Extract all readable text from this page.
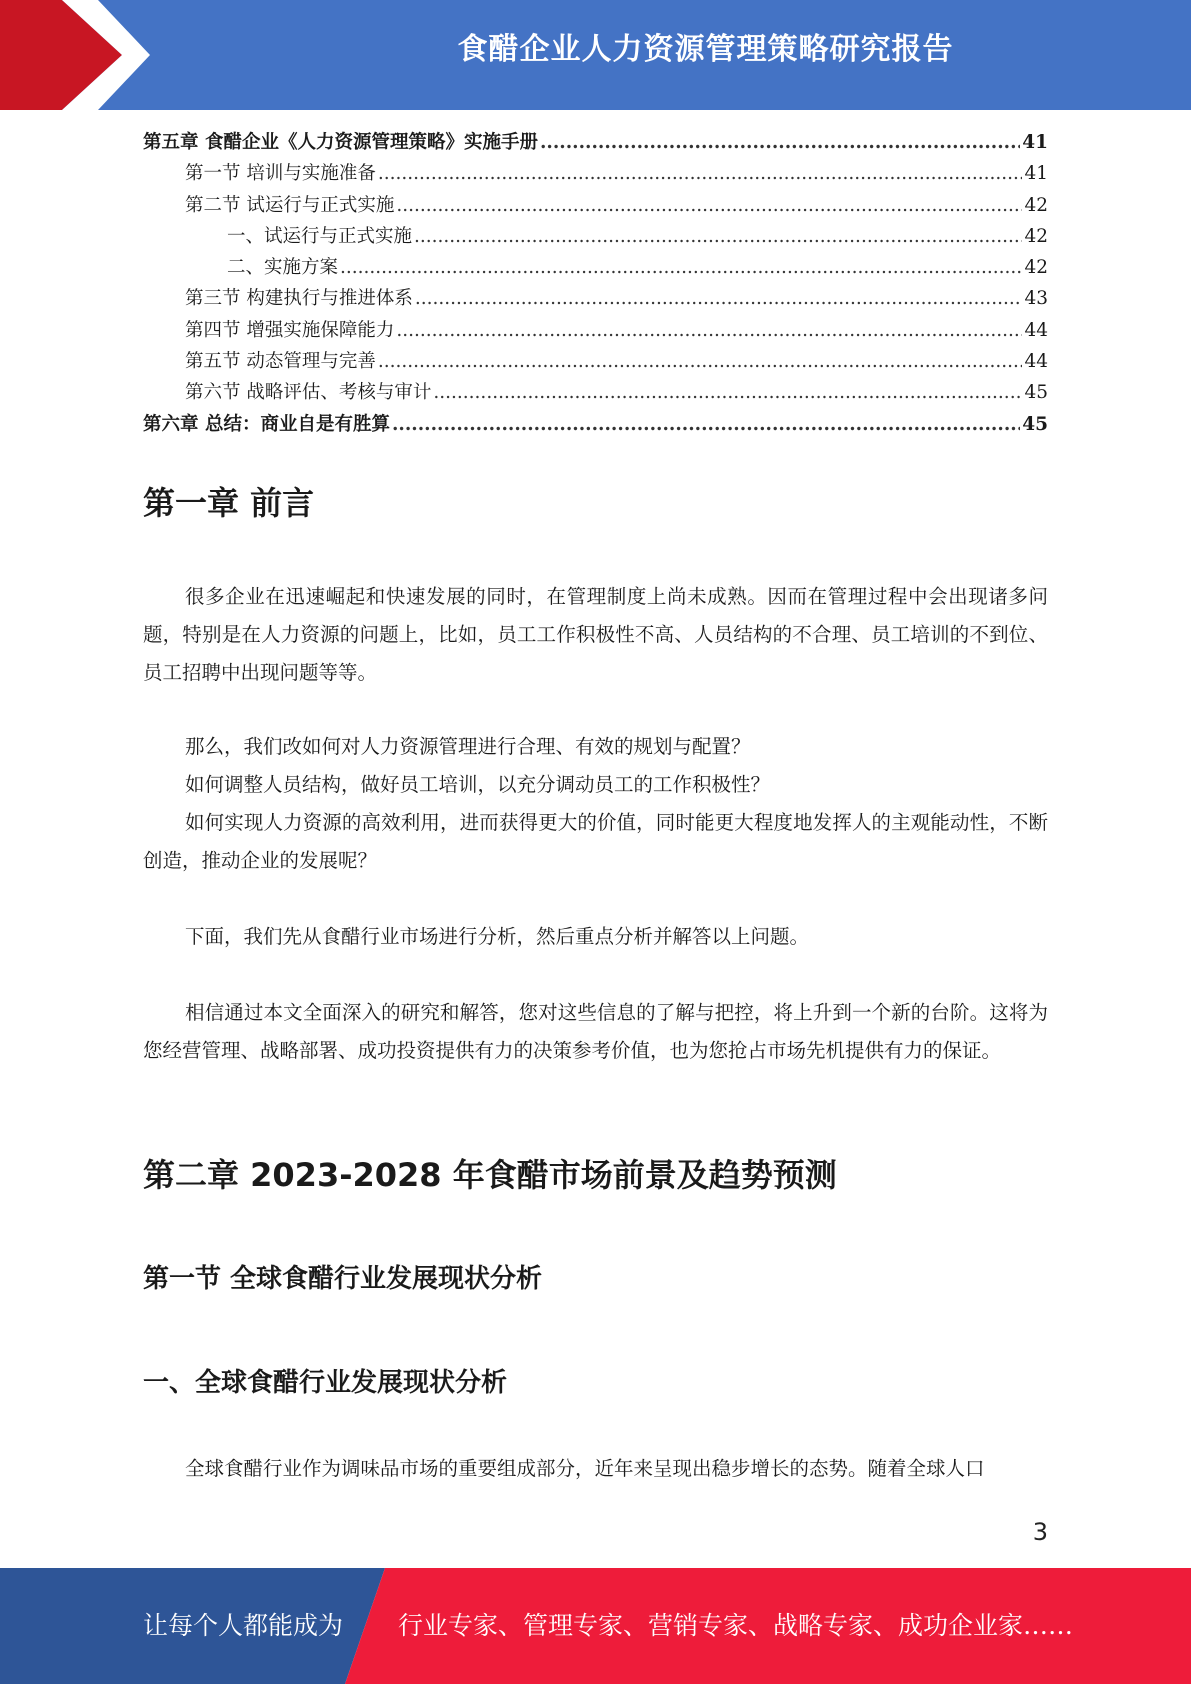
食醋企业人力资源管理策略研究报告
第五章 食醋企业《人力资源管理策略》实施手册 .....	41
第一节 培训与实施准备 .....	41
第二节 试运行与正式实施 .....	42
一、试运行与正式实施 .....	42
二、实施方案 .....	42
第三节 构建执行与推进体系 .....	43
第四节 增强实施保障能力 .....	44
第五节 动态管理与完善 .....	44
第六节 战略评估、考核与审计 .....	45
第六章 总结：商业自是有胜算 .....	45
第一章 前言

很多企业在迅速崛起和快速发展的同时，在管理制度上尚未成熟。因而在管理过程中会出现诸多问题，特别是在人力资源的问题上，比如，员工工作积极性不高、人员结构的不合理、员工培训的不到位、员工招聘中出现问题等等。

那么，我们改如何对人力资源管理进行合理、有效的规划与配置？

如何调整人员结构，做好员工培训，以充分调动员工的工作积极性？

如何实现人力资源的高效利用，进而获得更大的价值，同时能更大程度地发挥人的主观能动性，不断创造，推动企业的发展呢？

下面，我们先从食醋行业市场进行分析，然后重点分析并解答以上问题。

相信通过本文全面深入的研究和解答，您对这些信息的了解与把控，将上升到一个新的台阶。这将为您经营管理、战略部署、成功投资提供有力的决策参考价值，也为您抢占市场先机提供有力的保证。

第二章 2023-2028 年食醋市场前景及趋势预测
第一节 全球食醋行业发展现状分析
一、全球食醋行业发展现状分析

全球食醋行业作为调味品市场的重要组成部分，近年来呈现出稳步增长的态势。随着全球人口

3
让每个人都能成为 行业专家、管理专家、营销专家、战略专家、成功企业家……
